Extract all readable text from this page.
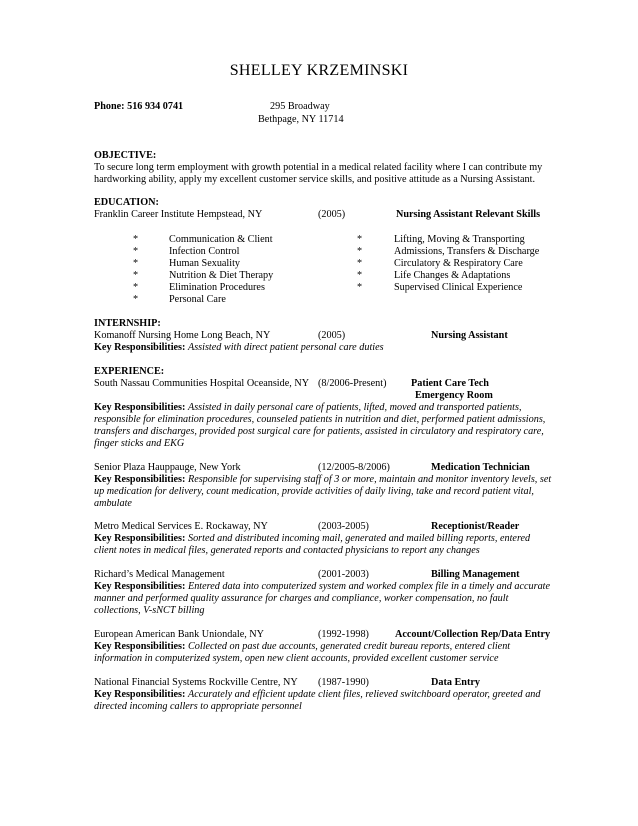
SHELLEY KRZEMINSKI
Phone: 516 934 0741	295 Broadway
Bethpage, NY 11714
OBJECTIVE:
To secure long term employment with growth potential in a medical related facility where I can contribute my
hardworking ability, apply my excellent customer service skills, and positive attitude as a Nursing Assistant.
EDUCATION:
Franklin Career Institute Hempstead, NY	(2005)	Nursing Assistant Relevant Skills
*	Communication & Client
*	Infection Control
*	Human Sexuality
*	Nutrition & Diet Therapy
*	Elimination Procedures
*	Personal Care
*	Lifting, Moving & Transporting
*	Admissions, Transfers & Discharge
*	Circulatory & Respiratory Care
*	Life Changes & Adaptations
*	Supervised Clinical Experience
INTERNSHIP:
Komanoff Nursing Home Long Beach, NY	(2005)	Nursing Assistant
Key Responsibilities: Assisted with direct patient personal care duties
EXPERIENCE:
South Nassau Communities Hospital Oceanside, NY (8/2006-Present) Patient Care Tech
Emergency Room
Key Responsibilities: Assisted in daily personal care of patients, lifted, moved and transported patients,
responsible for elimination procedures, counseled patients in nutrition and diet, performed patient admissions,
transfers and discharges, provided post surgical care for patients, assisted in circulatory and respiratory care,
finger sticks and EKG
Senior Plaza Hauppauge, New York	(12/2005-8/2006)	Medication Technician
Key Responsibilities: Responsible for supervising staff of 3 or more, maintain and monitor inventory levels, set
up medication for delivery, count medication, provide activities of daily living, take and record patient vital,
ambulate
Metro Medical Services E. Rockaway, NY	(2003-2005)	Receptionist/Reader
Key Responsibilities: Sorted and distributed incoming mail, generated and mailed billing reports, entered
client notes in medical files, generated reports and contacted physicians to report any changes
Richard’s Medical Management	(2001-2003)	Billing Management
Key Responsibilities: Entered data into computerized system and worked complex file in a timely and accurate
manner and performed quality assurance for charges and compliance, worker compensation, no fault
collections, V-sNCT billing
European American Bank Uniondale, NY	(1992-1998)	Account/Collection Rep/Data Entry
Key Responsibilities: Collected on past due accounts, generated credit bureau reports, entered client
information in computerized system, open new client accounts, provided excellent customer service
National Financial Systems Rockville Centre, NY (1987-1990)	Data Entry
Key Responsibilities: Accurately and efficient update client files, relieved switchboard operator, greeted and
directed incoming callers to appropriate personnel
